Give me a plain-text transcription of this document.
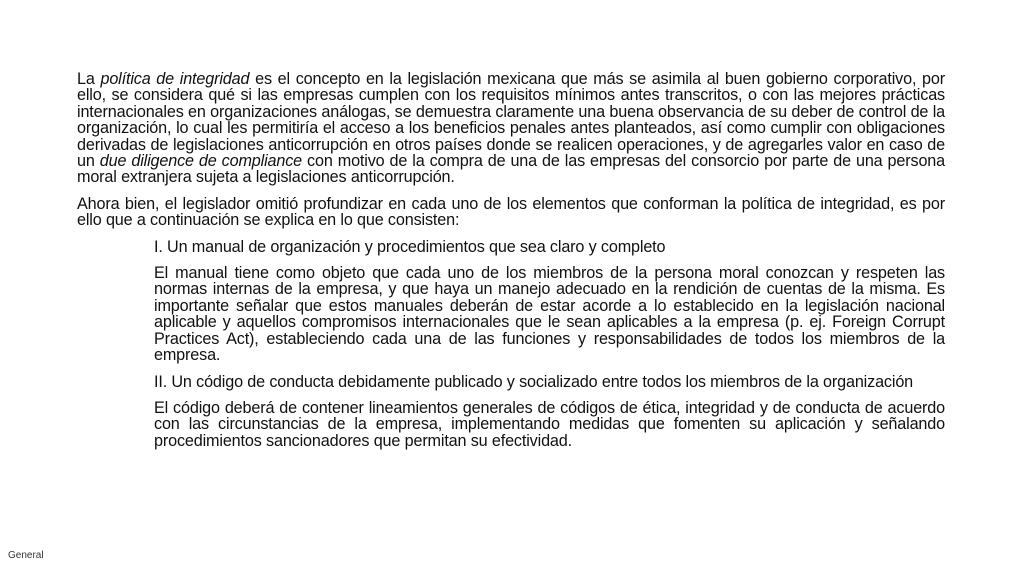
La política de integridad es el concepto en la legislación mexicana que más se asimila al buen gobierno corporativo, por ello, se considera qué si las empresas cumplen con los requisitos mínimos antes transcritos, o con las mejores prácticas internacionales en organizaciones análogas, se demuestra claramente una buena observancia de su deber de control de la organización, lo cual les permitiría el acceso a los beneficios penales antes planteados, así como cumplir con obligaciones derivadas de legislaciones anticorrupción en otros países donde se realicen operaciones, y de agregarles valor en caso de un due diligence de compliance con motivo de la compra de una de las empresas del consorcio por parte de una persona moral extranjera sujeta a legislaciones anticorrupción.

Ahora bien, el legislador omitió profundizar en cada uno de los elementos que conforman la política de integridad, es por ello que a continuación se explica en lo que consisten:

I. Un manual de organización y procedimientos que sea claro y completo

El manual tiene como objeto que cada uno de los miembros de la persona moral conozcan y respeten las normas internas de la empresa, y que haya un manejo adecuado en la rendición de cuentas de la misma. Es importante señalar que estos manuales deberán de estar acorde a lo establecido en la legislación nacional aplicable y aquellos compromisos internacionales que le sean aplicables a la empresa (p. ej. Foreign Corrupt Practices Act), estableciendo cada una de las funciones y responsabilidades de todos los miembros de la empresa.

II. Un código de conducta debidamente publicado y socializado entre todos los miembros de la organización

El código deberá de contener lineamientos generales de códigos de ética, integridad y de conducta de acuerdo con las circunstancias de la empresa, implementando medidas que fomenten su aplicación y señalando procedimientos sancionadores que permitan su efectividad.

General
